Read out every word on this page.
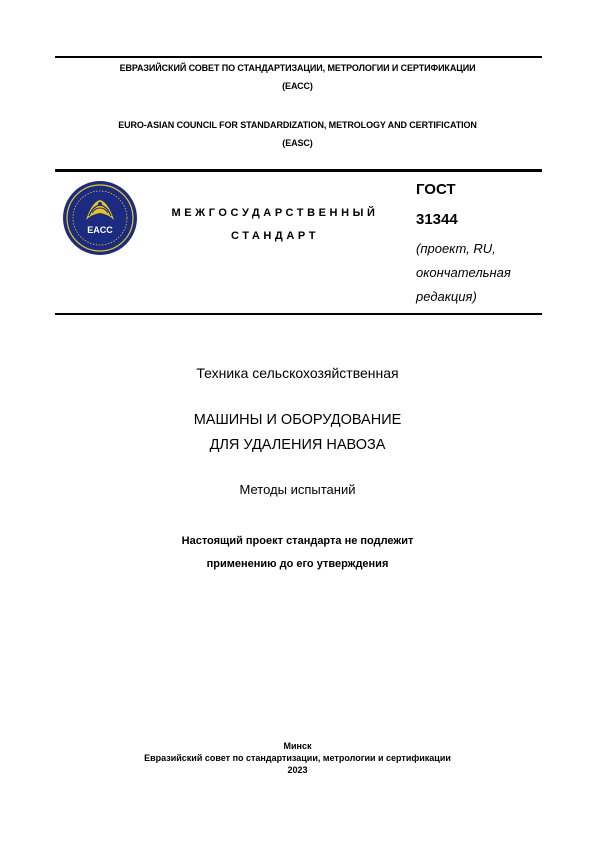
ЕВРАЗИЙСКИЙ СОВЕТ ПО СТАНДАРТИЗАЦИИ, МЕТРОЛОГИИ И СЕРТИФИКАЦИИ
(ЕАСС)
EURO-ASIAN COUNCIL FOR STANDARDIZATION, METROLOGY AND CERTIFICATION
(EASC)
EACC
МЕЖГОСУДАРСТВЕННЫЙ
СТАНДАРТ
ГОСТ
31344
(проект, RU,
окончательная
редакция)
Техника сельскохозяйственная
МАШИНЫ И ОБОРУДОВАНИЕ
ДЛЯ УДАЛЕНИЯ НАВОЗА
Методы испытаний
Настоящий проект стандарта не подлежит
применению до его утверждения
Минск
Евразийский совет по стандартизации, метрологии и сертификации
2023
